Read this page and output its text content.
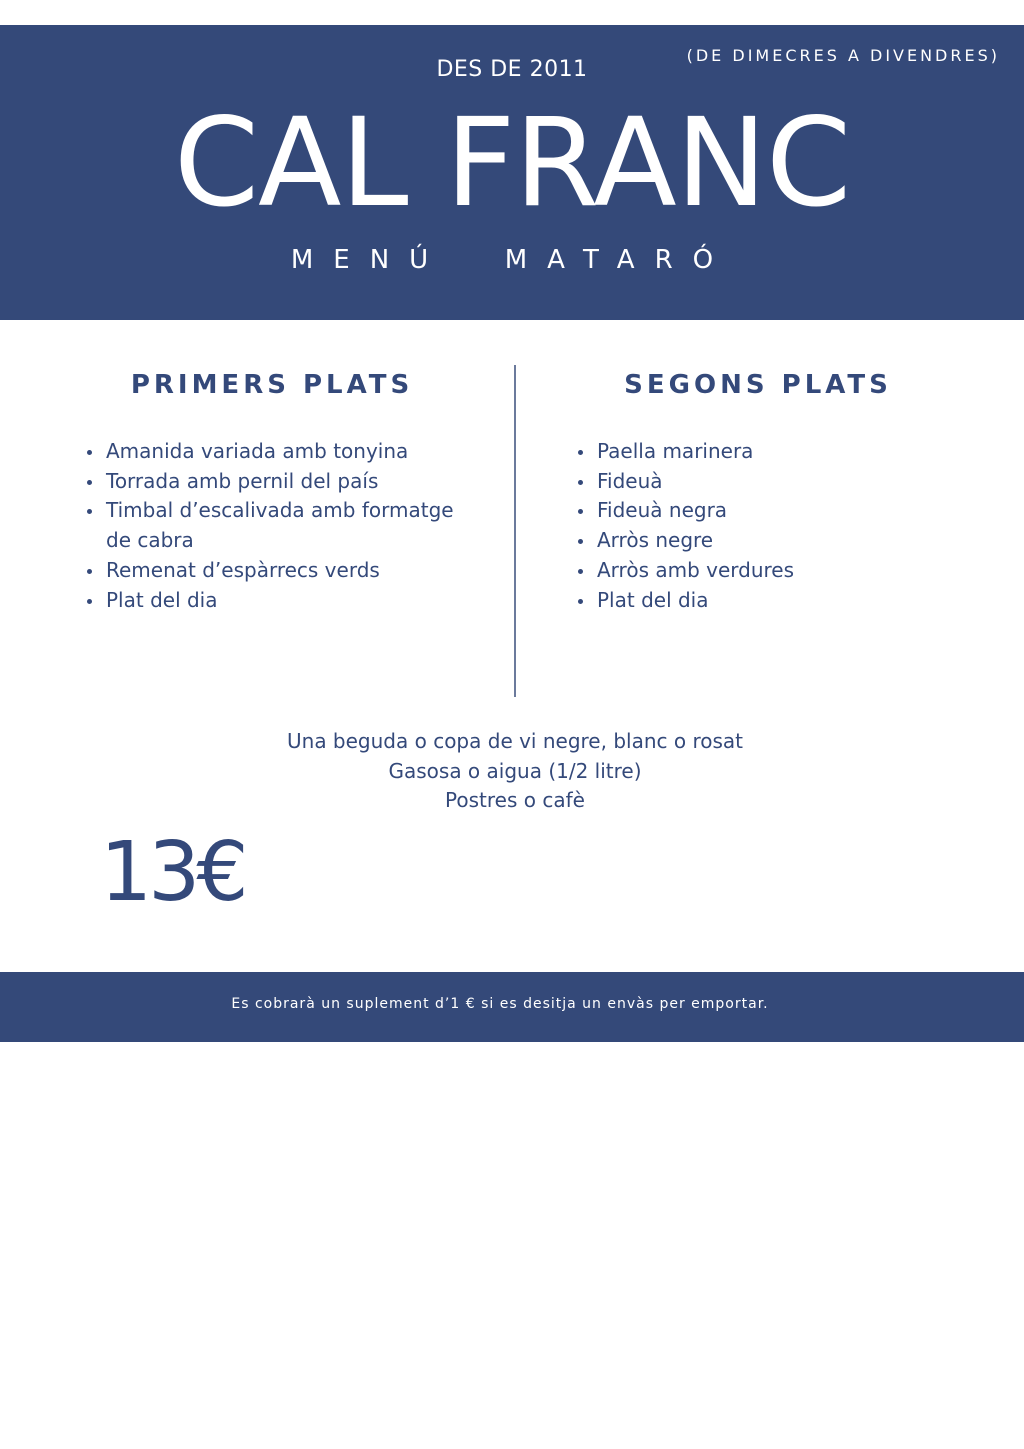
DES DE 2011
(DE DIMECRES A DIVENDRES)
CAL FRANC
MENÚ  MATARÓ
PRIMERS PLATS	SEGONS PLATS
Amanida variada amb tonyina
Torrada amb pernil del país
Timbal d’escalivada amb formatge de cabra
Remenat d’espàrrecs verds
Plat del dia
Paella marinera
Fideuà
Fideuà negra
Arròs negre
Arròs amb verdures
Plat del dia
Una beguda o copa de vi negre, blanc o rosat
Gasosa o aigua (1/2 litre)
Postres o cafè
13€
Es cobrarà un suplement d’1 € si es desitja un envàs per emportar.
